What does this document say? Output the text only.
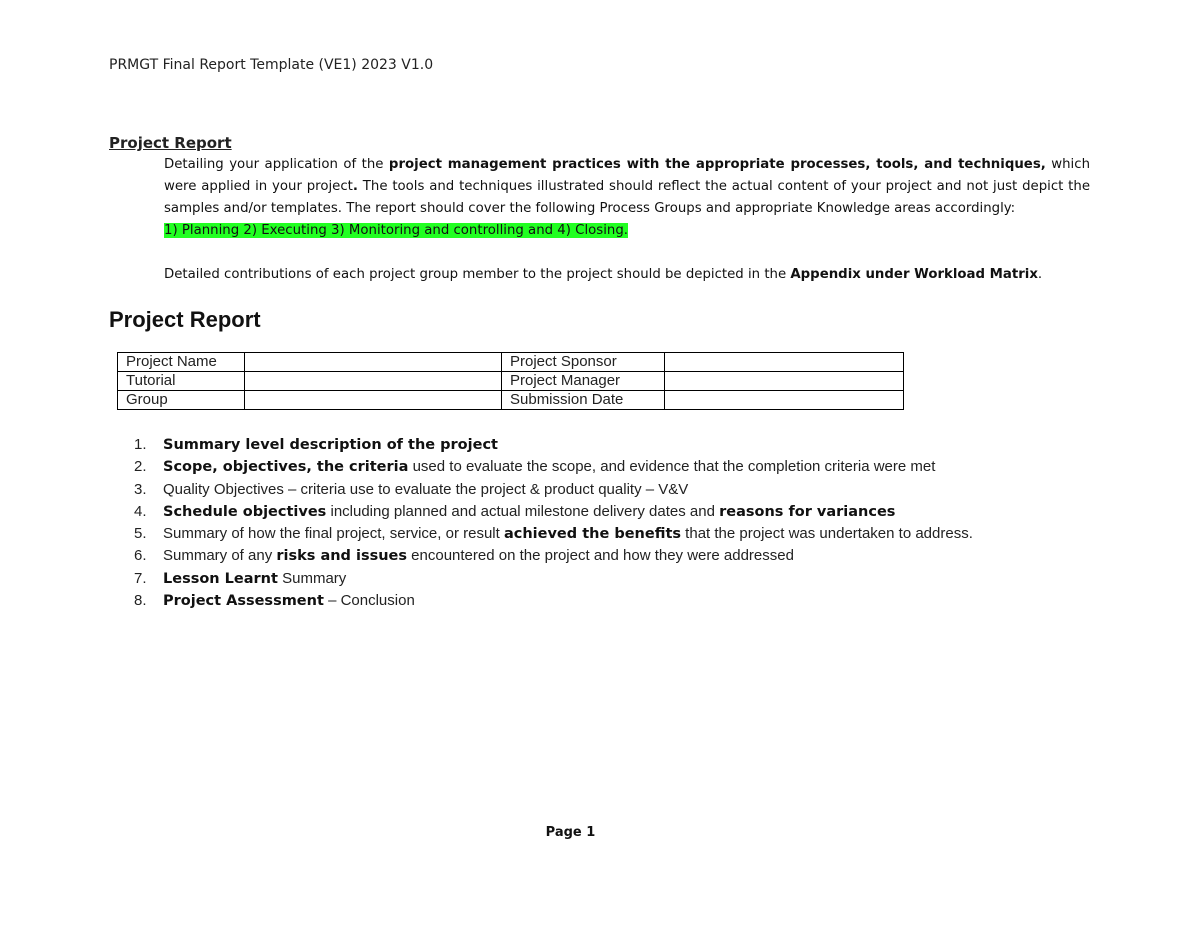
PRMGT Final Report Template (VE1) 2023 V1.0
Project Report

Detailing your application of the project management practices with the appropriate processes, tools, and techniques, which were applied in your project. The tools and techniques illustrated should reflect the actual content of your project and not just depict the samples and/or templates. The report should cover the following Process Groups and appropriate Knowledge areas accordingly:

1) Planning 2) Executing 3) Monitoring and controlling and 4) Closing.

Detailed contributions of each project group member to the project should be depicted in the Appendix under Workload Matrix.

Project Report
Project Name		Project Sponsor	
Tutorial		Project Manager	
Group		Submission Date	
1. Summary level description of the project
2. Scope, objectives, the criteria used to evaluate the scope, and evidence that the completion criteria were met
3. Quality Objectives – criteria use to evaluate the project & product quality – V&V
4. Schedule objectives including planned and actual milestone delivery dates and reasons for variances
5. Summary of how the final project, service, or result achieved the benefits that the project was undertaken to address.
6. Summary of any risks and issues encountered on the project and how they were addressed
7. Lesson Learnt Summary
8. Project Assessment – Conclusion
Page 1
